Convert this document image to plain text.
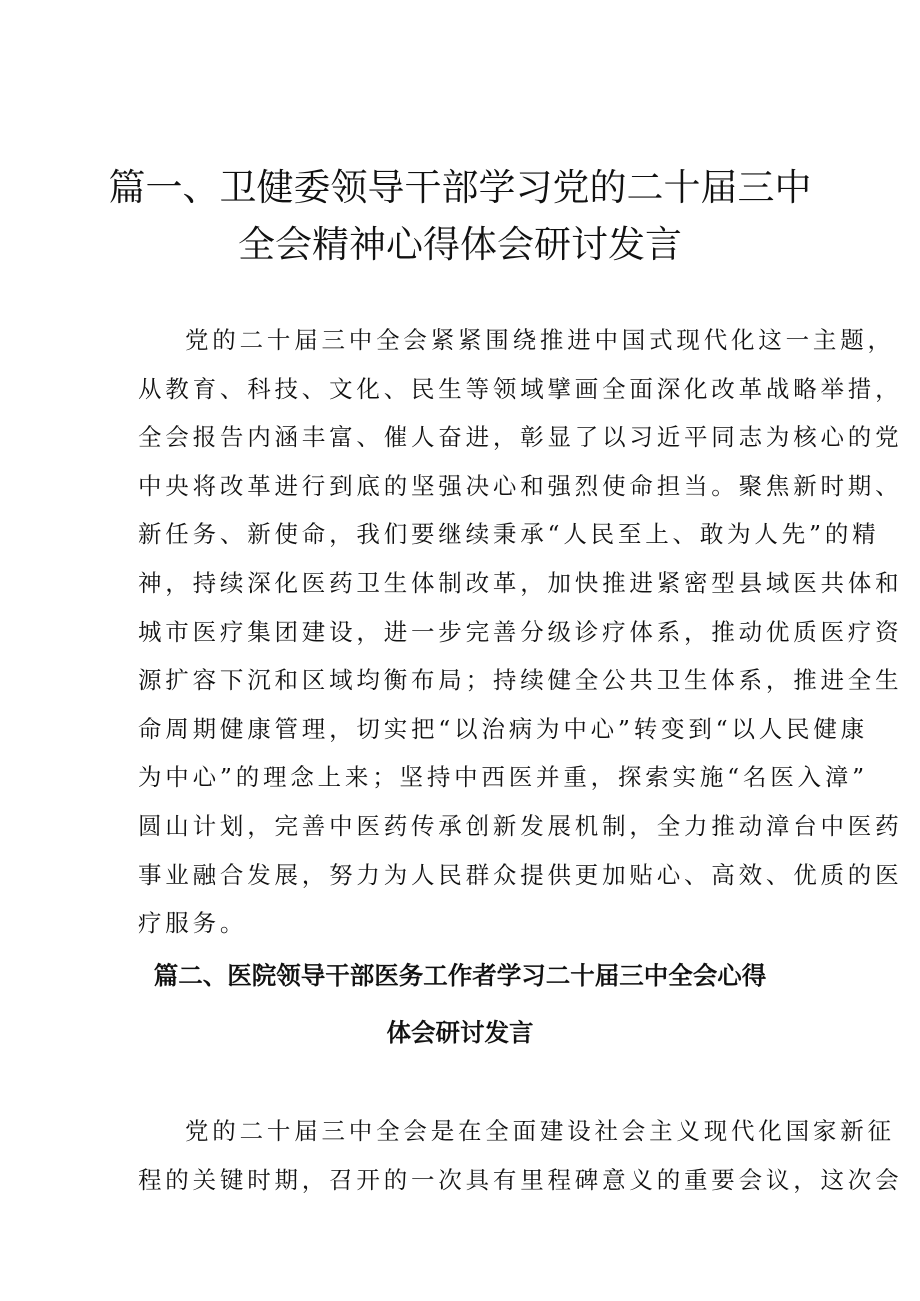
篇一、卫健委领导干部学习党的二十届三中
全会精神心得体会研讨发言
党的二十届三中全会紧紧围绕推进中国式现代化这一主题，
从教育、科技、文化、民生等领域擘画全面深化改革战略举措，
全会报告内涵丰富、催人奋进，彰显了以习近平同志为核心的党
中央将改革进行到底的坚强决心和强烈使命担当。聚焦新时期、
新任务、新使命，我们要继续秉承“人民至上、敢为人先”的精
神，持续深化医药卫生体制改革，加快推进紧密型县域医共体和
城市医疗集团建设，进一步完善分级诊疗体系，推动优质医疗资
源扩容下沉和区域均衡布局；持续健全公共卫生体系，推进全生
命周期健康管理，切实把“以治病为中心”转变到“以人民健康
为中心”的理念上来；坚持中西医并重，探索实施“名医入漳”
圆山计划，完善中医药传承创新发展机制，全力推动漳台中医药
事业融合发展，努力为人民群众提供更加贴心、高效、优质的医
疗服务。
篇二、医院领导干部医务工作者学习二十届三中全会心得
体会研讨发言
党的二十届三中全会是在全面建设社会主义现代化国家新征
程的关键时期，召开的一次具有里程碑意义的重要会议，这次会
